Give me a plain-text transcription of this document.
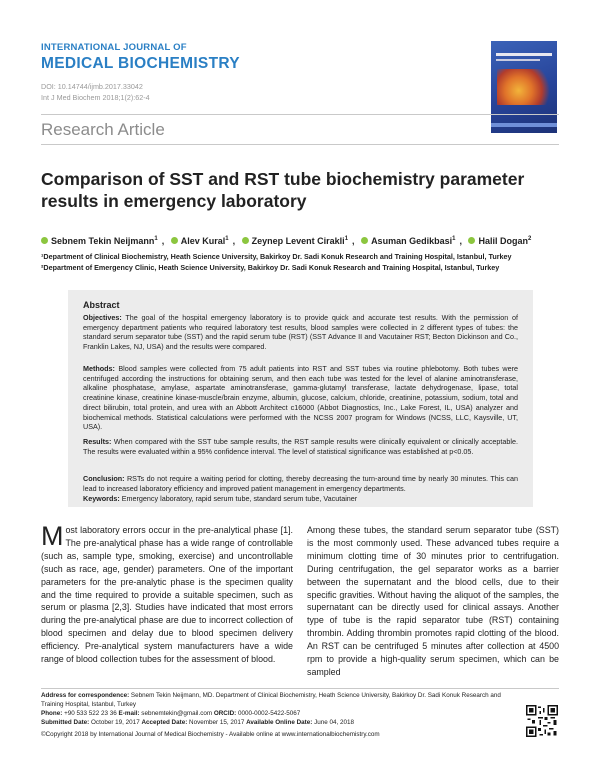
INTERNATIONAL JOURNAL OF
MEDICAL BIOCHEMISTRY
DOI: 10.14744/ijmb.2017.33042
Int J Med Biochem 2018;1(2):62-4
Research Article
Comparison of SST and RST tube biochemistry parameter
results in emergency laboratory
Sebnem Tekin Neijmann$^1$ , Alev Kural$^1$ , Zeynep Levent Cirakli$^1$ , Asuman Gedikbasi$^1$ , Halil Dogan$^2$
¹Department of Clinical Biochemistry, Heath Science University, Bakirkoy Dr. Sadi Konuk Research and Training Hospital, Istanbul, Turkey
²Department of Emergency Clinic, Heath Science University, Bakirkoy Dr. Sadi Konuk Research and Training Hospital, Istanbul, Turkey
Abstract
Objectives: The goal of the hospital emergency laboratory is to provide quick and accurate test results. With the permission of emergency department patients who required laboratory test results, blood samples were collected in 2 different types of tubes: the standard serum separator tube (SST) and the rapid serum tube (RST) (SST Advance II and Vacutainer RST; Becton Dickinson and Co., Franklin Lakes, NJ, USA) and the results were compared.
Methods: Blood samples were collected from 75 adult patients into RST and SST tubes via routine phlebotomy. Both tubes were centrifuged according the instructions for obtaining serum, and then each tube was tested for the level of alanine aminotransferase, alkaline phosphatase, amylase, aspartate aminotransferase, gamma-glutamyl transferase, lactate dehydrogenase, lipase, total creatinine kinase, creatinine kinase-muscle/brain enzyme, albumin, glucose, calcium, chloride, creatinine, potassium, sodium, total and direct bilirubin, total protein, and urea with an Abbott Architect c16000 (Abbot Diagnostics, Inc., Lake Forest, IL, USA) analyzer and biochemical methods. Statistical calculations were performed with the NCSS 2007 program for Windows (NCSS, LLC, Kaysville, UT, USA).
Results: When compared with the SST tube sample results, the RST sample results were clinically equivalent or clinically acceptable. The results were evaluated within a 95% confidence interval. The level of statistical significance was established at p<0.05.
Conclusion: RSTs do not require a waiting period for clotting, thereby decreasing the turn-around time by nearly 30 minutes. This can lead to increased laboratory efficiency and improved patient management in emergency departments.
Keywords: Emergency laboratory, rapid serum tube, standard serum tube, Vacutainer
Most laboratory errors occur in the pre-analytical phase [1]. The pre-analytical phase has a wide range of controllable (such as, sample type, smoking, exercise) and uncontrollable (such as race, age, gender) parameters. One of the important parameters for the pre-analytic phase is the specimen quality and the time required to provide a suitable specimen, such as serum or plasma [2,3]. Studies have indicated that most errors during the pre-analytical phase are due to incorrect collection of blood specimen and delay due to blood specimen delivery efficiency. Pre-analytical system manufacturers have a wide range of blood collection tubes for the assessment of blood.
Among these tubes, the standard serum separator tube (SST) is the most commonly used. These advanced tubes require a minimum clotting time of 30 minutes prior to centrifugation. During centrifugation, the gel separator works as a barrier between the supernatant and the blood cells, due to their specific gravities. Without having the aliquot of the samples, the supernatant can be directly used for clinical assays. Another type of tube is the rapid separator tube (RST) containing thrombin. Adding thrombin promotes rapid clotting of the blood. An RST can be centrifuged 5 minutes after collection at 4500 rpm to provide a high-quality serum specimen, which can be sampled
Address for correspondence: Sebnem Tekin Neijmann, MD. Department of Clinical Biochemistry, Heath Science University, Bakirkoy Dr. Sadi Konuk Research and Training Hospital, Istanbul, Turkey
Phone: +90 533 522 23 36 E-mail: sebnemtekin@gmail.com ORCID: 0000-0002-5422-5067
Submitted Date: October 19, 2017 Accepted Date: November 15, 2017 Available Online Date: June 04, 2018
©Copyright 2018 by International Journal of Medical Biochemistry - Available online at www.internationalbiochemistry.com
